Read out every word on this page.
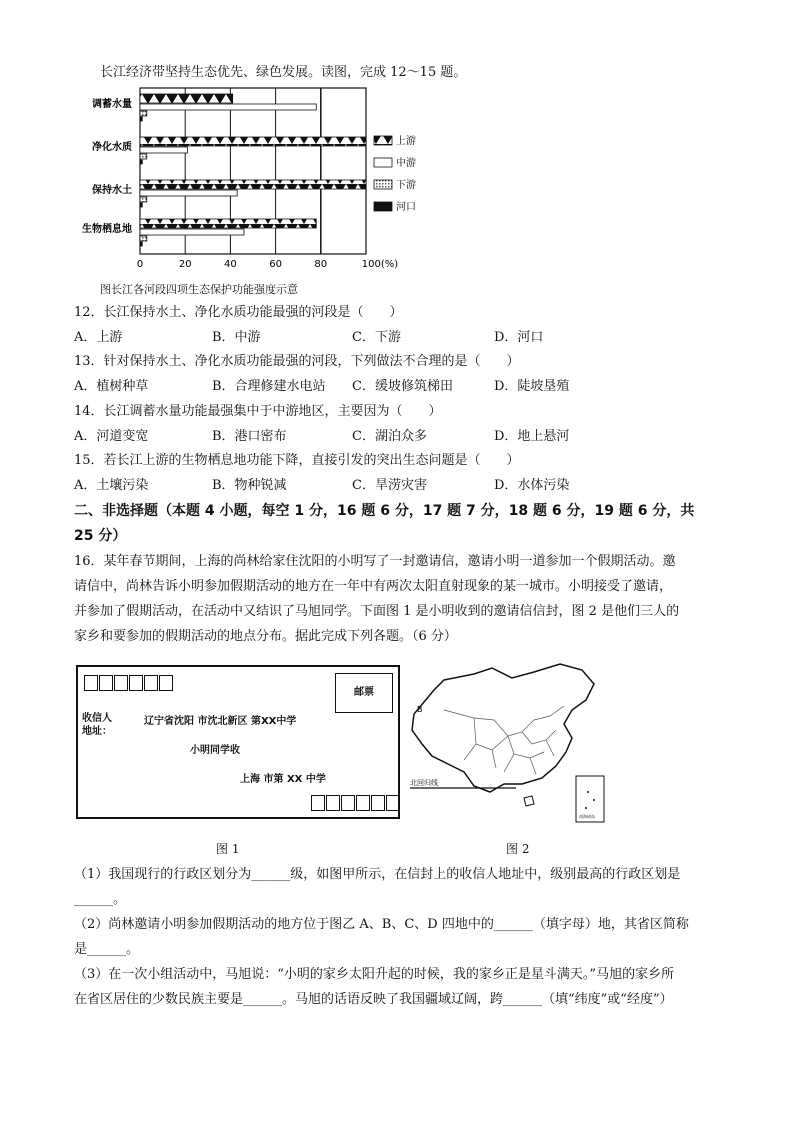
长江经济带坚持生态优先、绿色发展。读图，完成 12～15 题。
调蓄水量
净化水质
保持水土
生物栖息地
0	20	40	60	80	100(%)
上游
中游
下游
河口
图长江各河段四项生态保护功能强度示意
12．长江保持水土、净化水质功能最强的河段是（　　）
A．上游	B．中游	C．下游	D．河口
13．针对保持水土、净化水质功能最强的河段，下列做法不合理的是（　　）
A．植树种草	B．合理修建水电站 C．缓坡修筑梯田	D．陡坡垦殖
14．长江调蓄水量功能最强集中于中游地区，主要因为（　　）
A．河道变宽	B．港口密布	C．湖泊众多	D．地上悬河
15．若长江上游的生物栖息地功能下降，直接引发的突出生态问题是（　　）
A．土壤污染	B．物种锐减	C．旱涝灾害	D．水体污染
二、非选择题（本题 4 小题，每空 1 分，16 题 6 分，17 题 7 分，18 题 6 分，19 题 6 分，共
25 分）
16．某年春节期间，上海的尚林给家住沈阳的小明写了一封邀请信，邀请小明一道参加一个假期活动。邀
请信中，尚林告诉小明参加假期活动的地方在一年中有两次太阳直射现象的某一城市。小明接受了邀请，
并参加了假期活动，在活动中又结识了马旭同学。下面图 1 是小明收到的邀请信信封，图 2 是他们三人的
家乡和要参加的假期活动的地点分布。据此完成下列各题。（6 分）
邮票
收信人
地址：
辽宁省沈阳 市沈北新区 第XX中学
小明同学收
上海 市第 XX 中学	北回归线
B
南海诸岛
图 1	图 2
（1）我国现行的行政区划分为______级，如图甲所示，在信封上的收信人地址中，级别最高的行政区划是
______。
（2）尚林邀请小明参加假期活动的地方位于图乙 A、B、C、D 四地中的______（填字母）地，其省区简称
是______。
（3）在一次小组活动中，马旭说：“小明的家乡太阳升起的时候，我的家乡正是星斗满天。”马旭的家乡所
在省区居住的少数民族主要是______。马旭的话语反映了我国疆域辽阔，跨______（填“纬度”或“经度”）
